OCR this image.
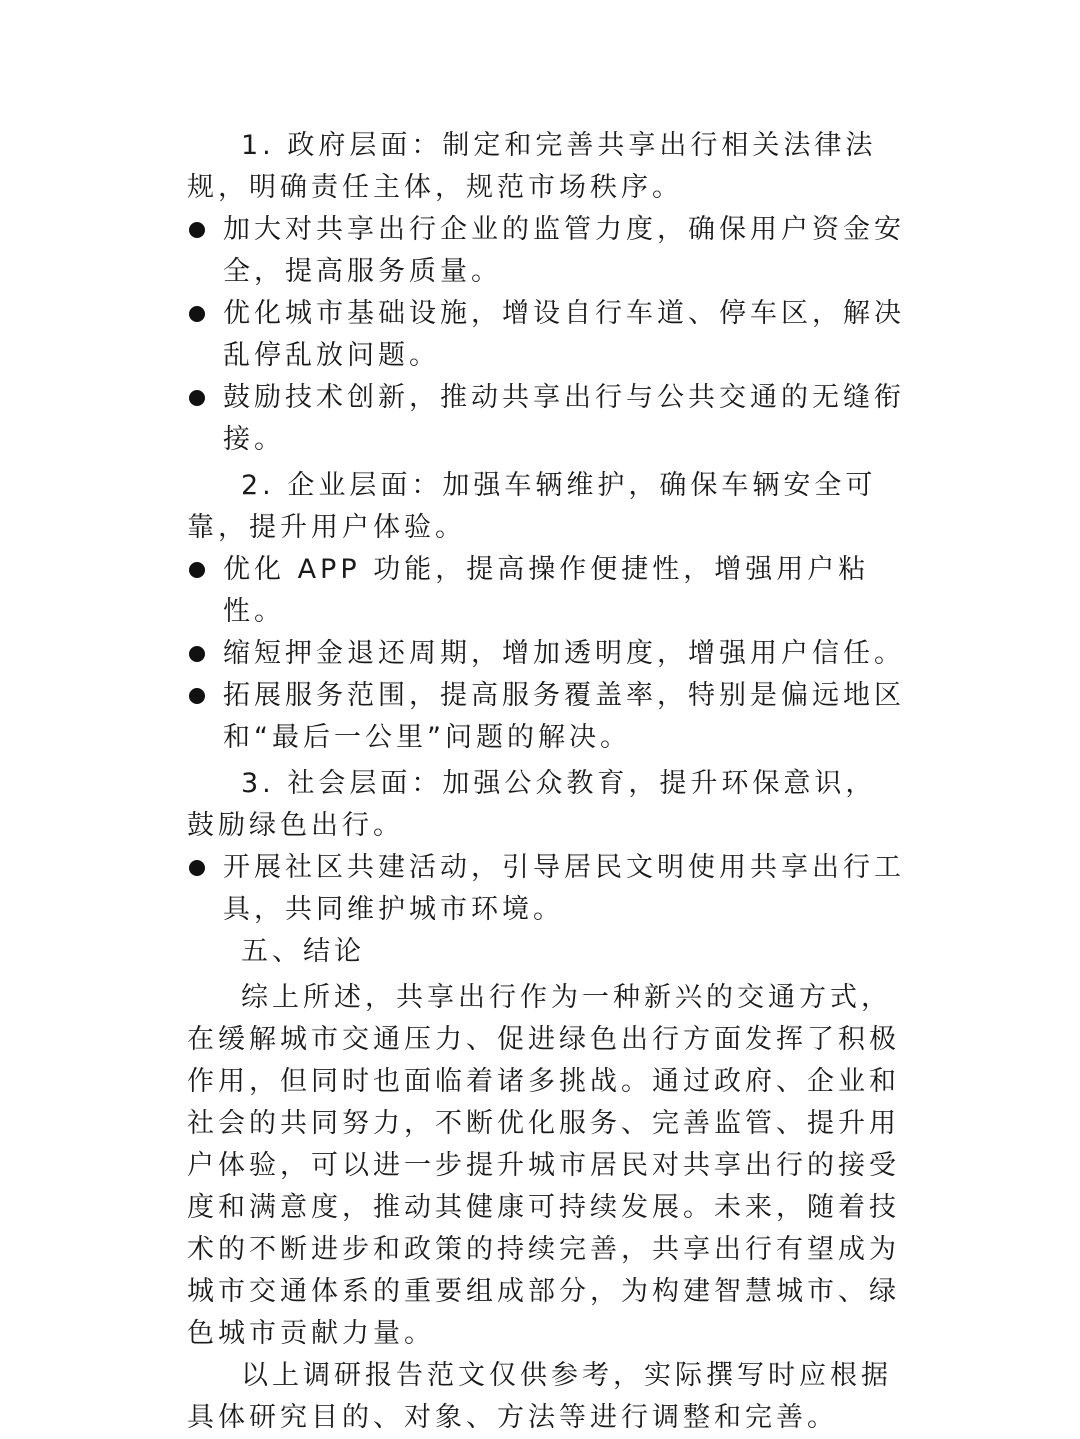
1. 政府层面：制定和完善共享出行相关法律法规，明确责任主体，规范市场秩序。

加大对共享出行企业的监管力度，确保用户资金安全，提高服务质量。
优化城市基础设施，增设自行车道、停车区，解决乱停乱放问题。
鼓励技术创新，推动共享出行与公共交通的无缝衔接。

2. 企业层面：加强车辆维护，确保车辆安全可靠，提升用户体验。

优化 APP 功能，提高操作便捷性，增强用户粘性。
缩短押金退还周期，增加透明度，增强用户信任。
拓展服务范围，提高服务覆盖率，特别是偏远地区和“最后一公里”问题的解决。

3. 社会层面：加强公众教育，提升环保意识，鼓励绿色出行。

开展社区共建活动，引导居民文明使用共享出行工具，共同维护城市环境。

五、结论

综上所述，共享出行作为一种新兴的交通方式，在缓解城市交通压力、促进绿色出行方面发挥了积极作用，但同时也面临着诸多挑战。通过政府、企业和社会的共同努力，不断优化服务、完善监管、提升用户体验，可以进一步提升城市居民对共享出行的接受度和满意度，推动其健康可持续发展。未来，随着技术的不断进步和政策的持续完善，共享出行有望成为城市交通体系的重要组成部分，为构建智慧城市、绿色城市贡献力量。

以上调研报告范文仅供参考，实际撰写时应根据具体研究目的、对象、方法等进行调整和完善。
